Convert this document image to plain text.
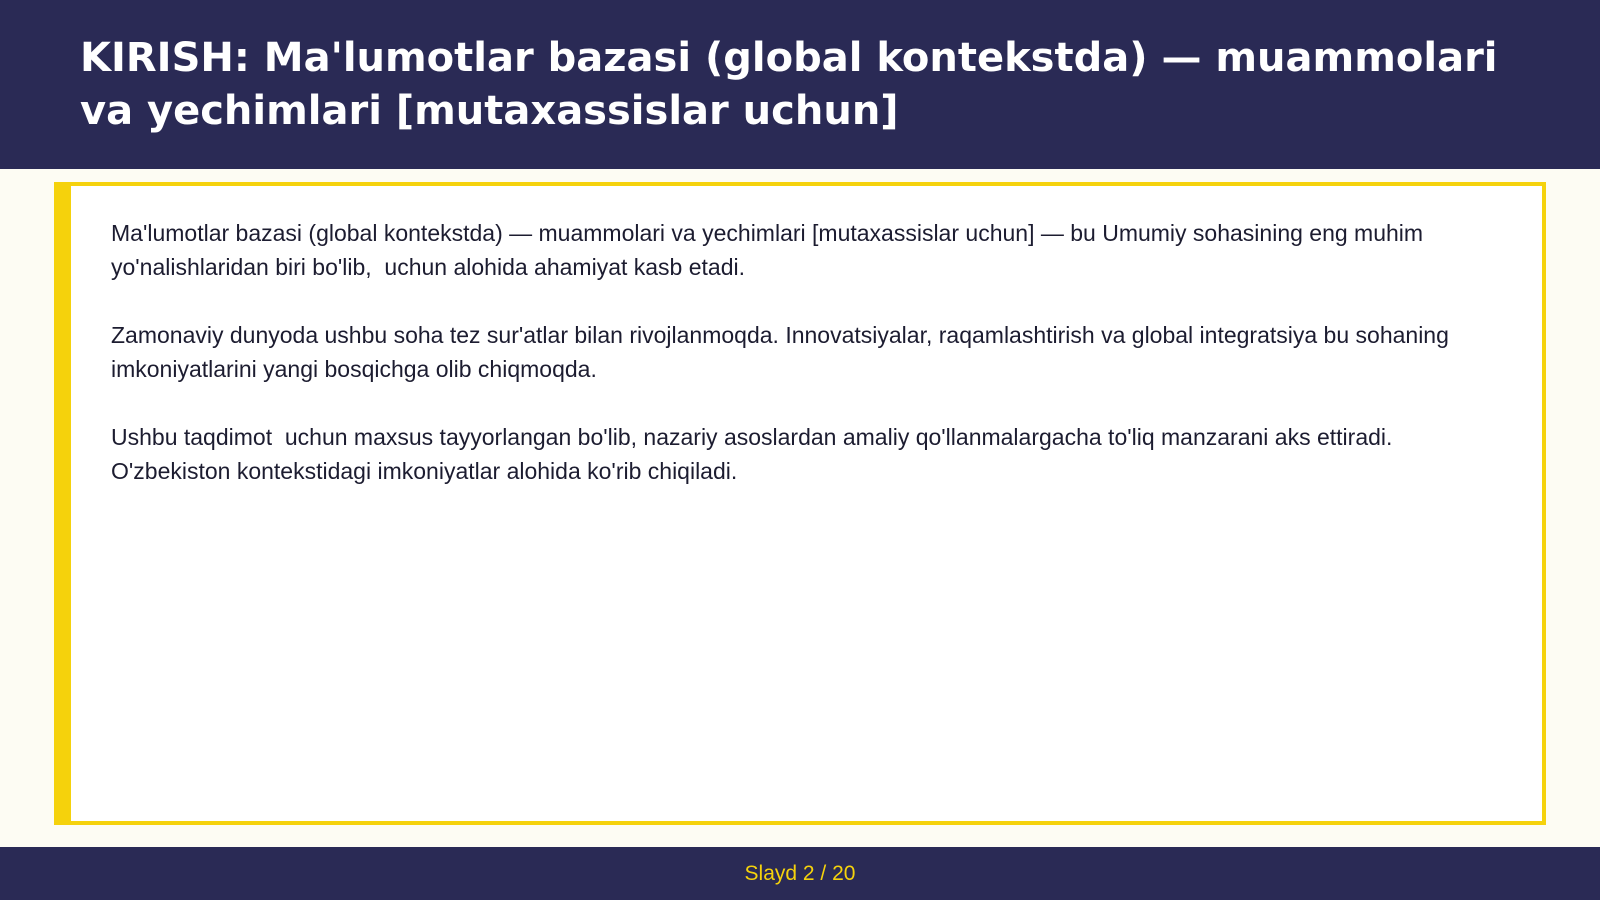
KIRISH: Ma'lumotlar bazasi (global kontekstda) — muammolari va yechimlari [mutaxassislar uchun]

Ma'lumotlar bazasi (global kontekstda) — muammolari va yechimlari [mutaxassislar uchun] — bu Umumiy sohasining eng muhim yo'nalishlaridan biri bo'lib,  uchun alohida ahamiyat kasb etadi.

Zamonaviy dunyoda ushbu soha tez sur'atlar bilan rivojlanmoqda. Innovatsiyalar, raqamlashtirish va global integratsiya bu sohaning imkoniyatlarini yangi bosqichga olib chiqmoqda.

Ushbu taqdimot  uchun maxsus tayyorlangan bo'lib, nazariy asoslardan amaliy qo'llanmalargacha to'liq manzarani aks ettiradi. O'zbekiston kontekstidagi imkoniyatlar alohida ko'rib chiqiladi.

Slayd 2 / 20
